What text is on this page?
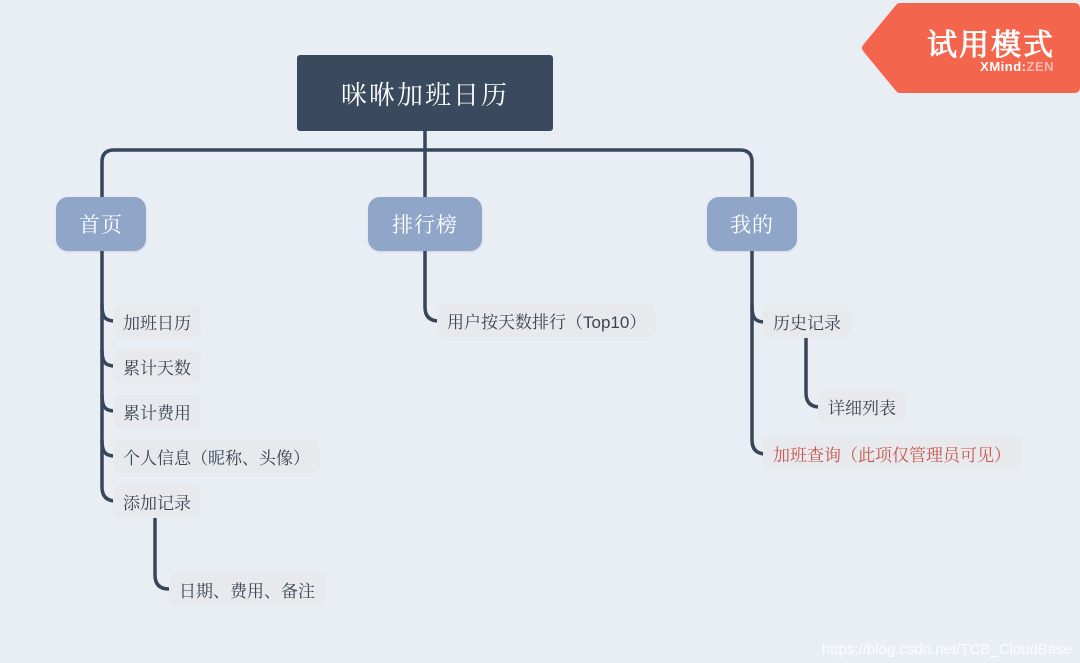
咪咻加班日历
首页	排行榜	我的
加班日历
累计天数
累计费用
个人信息（昵称、头像）
添加记录
日期、费用、备注
用户按天数排行（Top10）	历史记录
详细列表
加班查询（此项仅管理员可见）
试用模式
XMind:ZEN
https://blog.csdn.net/TCB_CloudBase
